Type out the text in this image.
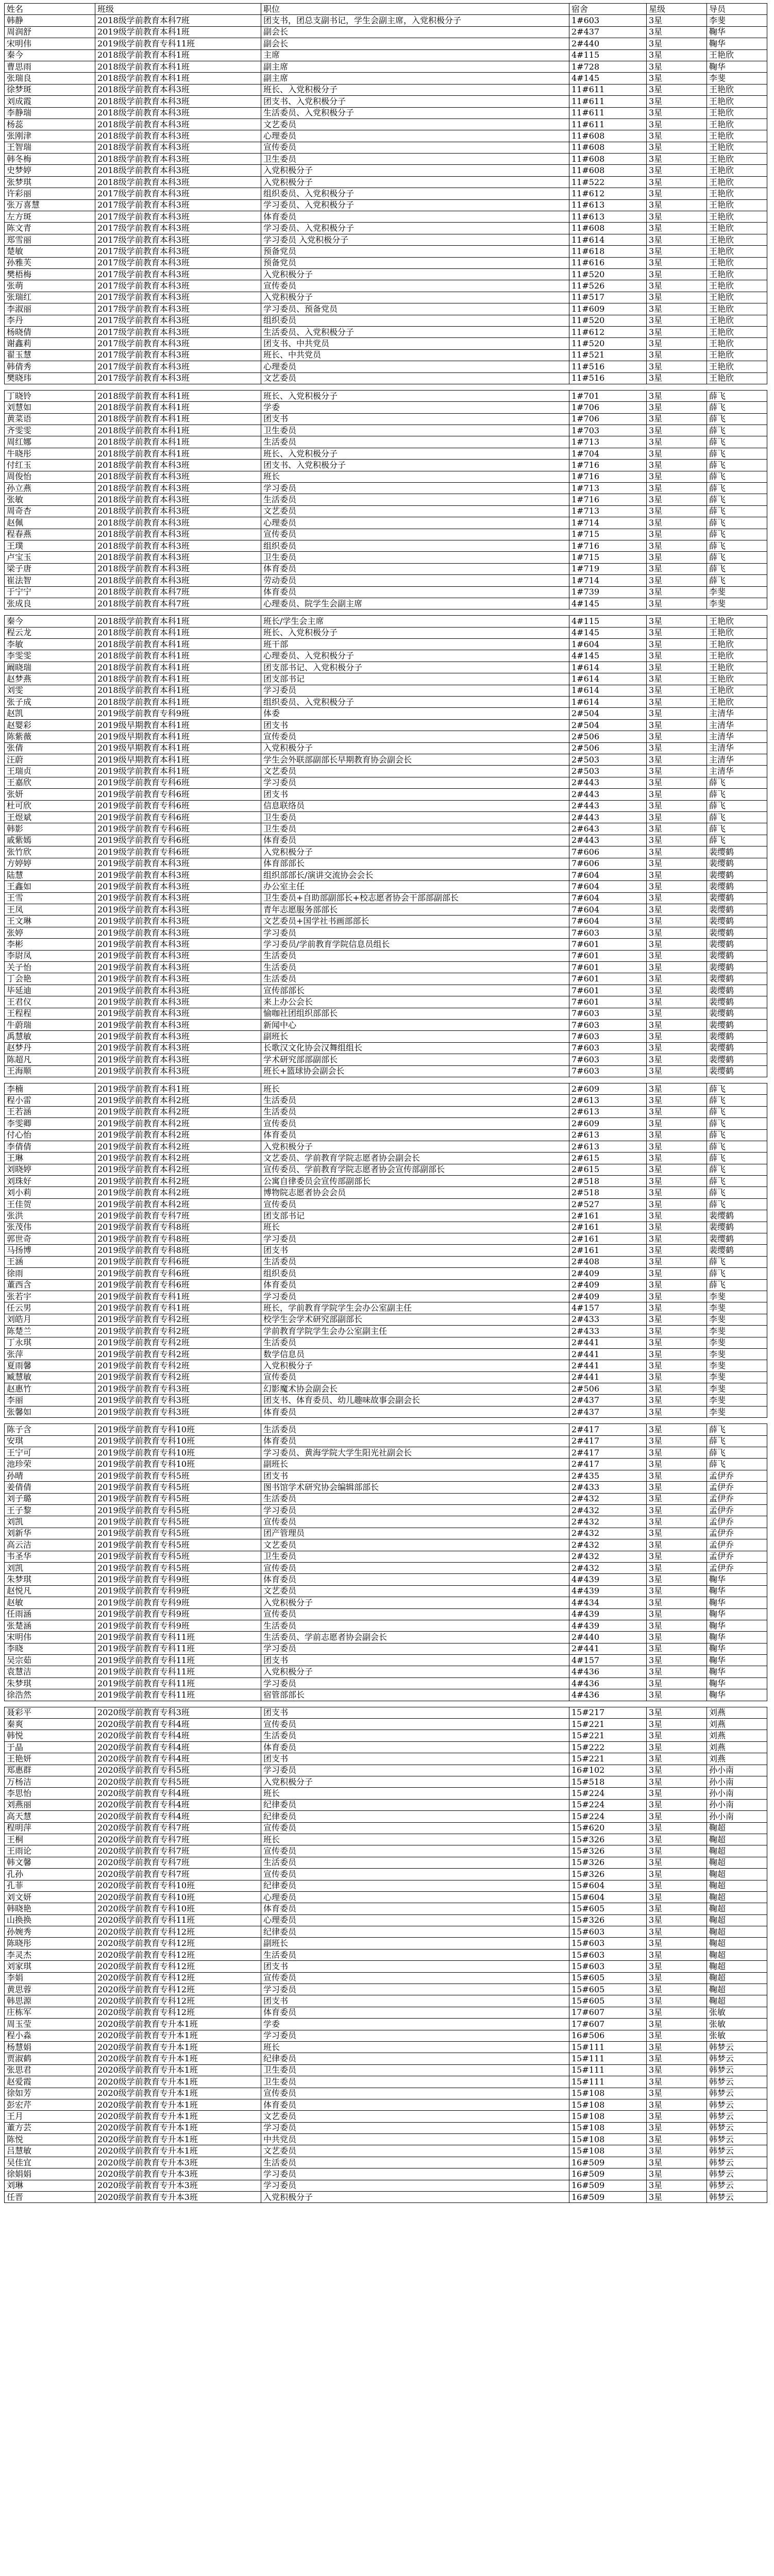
姓名	班级	职位	宿舍	星级	导员
韩静	2018级学前教育本科7班	团支书，团总支副书记，学生会副主席，入党积极分子	1#603	3星	李斐
周润舒	2019级学前教育本科1班	副会长	2#437	3星	鞠华
宋明伟	2019级学前教育专科11班	副会长	2#440	3星	鞠华
秦今	2018级学前教育本科1班	主席	4#115	3星	王艳欣
曹思雨	2018级学前教育本科1班	副主席	1#728	3星	鞠华
张瑞良	2018级学前教育本科1班	副主席	4#145	3星	李斐
徐梦斑	2018级学前教育本科3班	班长、入党积极分子	11#611	3星	王艳欣
刘成霞	2018级学前教育本科3班	团支书、入党积极分子	11#611	3星	王艳欣
李静瑞	2018级学前教育本科3班	生活委员、入党积极分子	11#611	3星	王艳欣
杨蕊	2018级学前教育本科3班	文艺委员	11#611	3星	王艳欣
张刚津	2018级学前教育本科3班	心理委员	11#608	3星	王艳欣
王智瑞	2018级学前教育本科3班	宣传委员	11#608	3星	王艳欣
韩冬梅	2018级学前教育本科3班	卫生委员	11#608	3星	王艳欣
史梦婷	2018级学前教育本科3班	入党积极分子	11#608	3星	王艳欣
张梦琪	2018级学前教育本科3班	入党积极分子	11#522	3星	王艳欣
许彩丽	2017级学前教育本科3班	组织委员、入党积极分子	11#612	3星	王艳欣
张万喜慧	2017级学前教育本科3班	学习委员、入党积极分子	11#613	3星	王艳欣
左方斑	2017级学前教育本科3班	体育委员	11#613	3星	王艳欣
陈文青	2017级学前教育本科3班	学习委员、入党积极分子	11#608	3星	王艳欣
郑雪丽	2017级学前教育本科3班	学习委员 入党积极分子	11#614	3星	王艳欣
楚敏	2017级学前教育本科3班	预备党员	11#618	3星	王艳欣
孙雅芙	2017级学前教育本科3班	预备党员	11#616	3星	王艳欣
樊梧梅	2017级学前教育本科3班	入党积极分子	11#520	3星	王艳欣
张萌	2017级学前教育本科3班	宣传委员	11#526	3星	王艳欣
张瑞红	2017级学前教育本科3班	入党积极分子	11#517	3星	王艳欣
李淑丽	2017级学前教育本科3班	学习委员、预备党员	11#609	3星	王艳欣
李丹	2017级学前教育本科3班	组织委员	11#520	3星	王艳欣
杨晓倩	2017级学前教育本科3班	生活委员、入党积极分子	11#612	3星	王艳欣
谢鑫莉	2017级学前教育本科3班	团支书、中共党员	11#520	3星	王艳欣
翟玉慧	2017级学前教育本科3班	班长、中共党员	11#521	3星	王艳欣
韩倩秀	2017级学前教育本科3班	心理委员	11#516	3星	王艳欣
樊晓玮	2017级学前教育本科3班	文艺委员	11#516	3星	王艳欣

丁晓铃	2018级学前教育本科1班	班长、入党积极分子	1#701	3星	薛飞
刘慧如	2018级学前教育本科1班	学委	1#706	3星	薛飞
黄菜语	2018级学前教育本科1班	团支书	1#706	3星	薛飞
齐雯雯	2018级学前教育本科1班	卫生委员	1#703	3星	薛飞
周红娜	2018级学前教育本科1班	生活委员	1#713	3星	薛飞
牛晓彤	2018级学前教育本科1班	班长、入党积极分子	1#704	3星	薛飞
付红玉	2018级学前教育本科3班	团支书、入党积极分子	1#716	3星	薛飞
周俊怡	2018级学前教育本科3班	班长	1#716	3星	薛飞
孙立燕	2018级学前教育本科3班	学习委员	1#713	3星	薛飞
张敏	2018级学前教育本科3班	生活委员	1#716	3星	薛飞
周奇杏	2018级学前教育本科3班	文艺委员	1#713	3星	薛飞
赵佩	2018级学前教育本科3班	心理委员	1#714	3星	薛飞
程春燕	2018级学前教育本科3班	宣传委员	1#715	3星	薛飞
王璞	2018级学前教育本科3班	组织委员	1#716	3星	薛飞
卢宝玉	2018级学前教育本科3班	卫生委员	1#715	3星	薛飞
梁子唐	2018级学前教育本科3班	体育委员	1#719	3星	薛飞
崔法智	2018级学前教育本科3班	劳动委员	1#714	3星	薛飞
于宁宁	2018级学前教育本科7班	体育委员	1#739	3星	李斐
张成良	2018级学前教育本科7班	心理委员、院学生会副主席	4#145	3星	李斐

秦今	2018级学前教育本科1班	班长/学生会主席	4#115	3星	王艳欣
程云龙	2018级学前教育本科1班	班长、入党积极分子	4#145	3星	王艳欣
李敏	2018级学前教育本科1班	班干部	1#604	3星	王艳欣
李雯雯	2018级学前教育本科1班	心理委员、入党积极分子	4#145	3星	王艳欣
阚晓瑞	2018级学前教育本科1班	团支部书记、入党积极分子	1#614	3星	王艳欣
赵梦燕	2018级学前教育本科1班	团支部书记	1#614	3星	王艳欣
刘雯	2018级学前教育本科1班	学习委员	1#614	3星	王艳欣
张子成	2018级学前教育本科1班	组织委员、入党积极分子	1#614	3星	王艳欣
赵凯	2019级学前教育专科9班	体委	2#504	3星	主清华
赵婴彩	2019级早期教育本科1班	团支书	2#504	3星	主清华
陈紫薇	2019级早期教育本科1班	宣传委员	2#506	3星	主清华
张倩	2019级早期教育本科1班	入党积极分子	2#506	3星	主清华
汪蔚	2019级早期教育本科1班	学生会外联部副部长早期教育协会副会长	2#503	3星	主清华
王瑞贞	2019级学前教育本科1班	文艺委员	2#503	3星	主清华
王嘉欣	2019级学前教育专科6班	学习委员	2#443	3星	薛飞
张妍	2019级学前教育专科6班	团支书	2#443	3星	薛飞
杜可欣	2019级学前教育专科6班	信息联络员	2#443	3星	薛飞
王煜斌	2019级学前教育专科6班	卫生委员	2#443	3星	薛飞
韩影	2019级学前教育专科6班	卫生委员	2#643	3星	薛飞
戚紫嫣	2019级学前教育专科6班	体育委员	2#443	3星	薛飞
张竹欣	2019级学前教育专科6班	入党积极分子	7#606	3星	裴缨鹤
方婷婷	2019级学前教育本科3班	体育部部长	7#606	3星	裴缨鹤
陆慧	2019级学前教育本科3班	组织部部长/演讲交流协会会长	7#604	3星	裴缨鹤
王鑫如	2019级学前教育本科3班	办公室主任	7#604	3星	裴缨鹤
王雪	2019级学前教育本科3班	卫生委员+自助部副部长+校志愿者协会干部部副部长	7#604	3星	裴缨鹤
王凤	2019级学前教育本科3班	青年志愿服务部部长	7#604	3星	裴缨鹤
王文琳	2019级学前教育本科3班	文艺委员+国学社书画部部长	7#604	3星	裴缨鹤
张婷	2019级学前教育本科3班	学习委员	7#603	3星	裴缨鹤
李彬	2019级学前教育本科3班	学习委员/学前教育学院信息员组长	7#601	3星	裴缨鹤
李尉凤	2019级学前教育本科3班	生活委员	7#601	3星	裴缨鹤
关子怡	2019级学前教育本科3班	生活委员	7#601	3星	裴缨鹤
丁会艳	2019级学前教育本科3班	生活委员	7#601	3星	裴缨鹤
毕延迪	2019级学前教育本科3班	宣传部部长	7#601	3星	裴缨鹤
王君仪	2019级学前教育本科3班	来上办公会长	7#601	3星	裴缨鹤
王程程	2019级学前教育本科3班	愉咖社团组织部部长	7#603	3星	裴缨鹤
牛蔚瑞	2019级学前教育本科3班	新闻中心	7#603	3星	裴缨鹤
禹慧敏	2019级学前教育本科3班	副班长	7#603	3星	裴缨鹤
赵梦丹	2019级学前教育本科3班	长歌汉文化协会汉舞组组长	7#603	3星	裴缨鹤
陈超凡	2019级学前教育本科3班	学术研究部部副部长	7#603	3星	裴缨鹤
王海顺	2019级学前教育本科3班	班长+篮球协会副会长	7#603	3星	裴缨鹤

李楠	2019级学前教育本科1班	班长	2#609	3星	薛飞
程小雷	2019级学前教育本科2班	生活委员	2#613	3星	薛飞
王若涵	2019级学前教育本科2班	生活委员	2#613	3星	薛飞
李雯卿	2019级学前教育本科2班	宣传委员	2#609	3星	薛飞
付心怡	2019级学前教育本科2班	体育委员	2#613	3星	薛飞
李倩倩	2019级学前教育本科2班	入党积极分子	2#613	3星	薛飞
王琳	2019级学前教育本科2班	文艺委员、学前教育学院志愿者协会副会长	2#615	3星	薛飞
刘晓婷	2019级学前教育本科2班	宣传委员、学前教育学院志愿者协会宣传部副部长	2#615	3星	薛飞
刘珠好	2019级学前教育本科2班	公寓自律委员会宣传部副部长	2#518	3星	薛飞
刘小莉	2019级学前教育本科2班	博物院志愿者协会会员	2#518	3星	薛飞
王佳贺	2019级学前教育本科2班	宣传委员	2#527	3星	薛飞
张洪	2019级学前教育专科7班	团支部书记	2#161	3星	裴缨鹤
张茂伟	2019级学前教育专科8班	班长	2#161	3星	裴缨鹤
郭世奇	2019级学前教育专科8班	学习委员	2#161	3星	裴缨鹤
马扬博	2019级学前教育专科8班	团支书	2#161	3星	裴缨鹤
王涵	2019级学前教育专科6班	生活委员	2#408	3星	薛飞
徐雨	2019级学前教育专科6班	组织委员	2#409	3星	薛飞
董西含	2019级学前教育专科6班	体育委员	2#409	3星	薛飞
张若宇	2019级学前教育专科1班	学习委员	2#409	3星	李斐
任云男	2019级学前教育专科1班	班长，学前教育学院学生会办公室副主任	4#157	3星	李斐
刘皓月	2019级学前教育专科2班	校学生会学术研究部副部长	2#433	3星	李斐
陈楚兰	2019级学前教育专科2班	学前教育学院学生会办公室副主任	2#433	3星	李斐
丁永琪	2019级学前教育专科2班	生活委员	2#441	3星	李斐
张萍	2019级学前教育专科2班	数学信息员	2#441	3星	李斐
夏雨馨	2019级学前教育专科2班	入党积极分子	2#441	3星	李斐
臧慧敏	2019级学前教育专科2班	宣传委员	2#441	3星	李斐
赵惠竹	2019级学前教育专科3班	幻影魔术协会副会长	2#506	3星	李斐
李丽	2019级学前教育专科3班	团支书、体育委员、幼儿趣味故事会副会长	2#437	3星	李斐
张馨如	2019级学前教育专科3班	体育委员	2#437	3星	李斐

陈子含	2019级学前教育专科10班	生活委员	2#417	3星	薛飞
安琪	2019级学前教育专科10班	体育委员	2#417	3星	薛飞
王宁可	2019级学前教育专科10班	学习委员、黄海学院大学生阳光社副会长	2#417	3星	薛飞
池珍荣	2019级学前教育专科10班	副班长	2#417	3星	薛飞
孙晴	2019级学前教育专科5班	团支书	2#435	3星	孟伊乔
姜倩倩	2019级学前教育专科5班	图书馆学术研究协会编辑部部长	2#433	3星	孟伊乔
刘子璐	2019级学前教育专科5班	生活委员	2#432	3星	孟伊乔
王子黎	2019级学前教育专科5班	学习委员	2#432	3星	孟伊乔
刘凯	2019级学前教育专科5班	宣传委员	2#432	3星	孟伊乔
刘新华	2019级学前教育专科5班	团产管理员	2#432	3星	孟伊乔
高云洁	2019级学前教育专科5班	文艺委员	2#432	3星	孟伊乔
韦圣华	2019级学前教育专科5班	卫生委员	2#432	3星	孟伊乔
刘凯	2019级学前教育专科5班	宣传委员	2#432	3星	孟伊乔
朱梦琪	2019级学前教育专科9班	体育委员	4#439	3星	鞠华
赵悦凡	2019级学前教育专科9班	文艺委员	4#439	3星	鞠华
赵敏	2019级学前教育专科9班	入党积极分子	4#434	3星	鞠华
任雨涵	2019级学前教育专科9班	宣传委员	4#439	3星	鞠华
张楚涵	2019级学前教育专科9班	生活委员	4#439	3星	鞠华
宋明伟	2019级学前教育专科11班	生活委员、学前志愿者协会副会长	2#440	3星	鞠华
李晓	2019级学前教育专科11班	学习委员	2#441	3星	鞠华
吴宗茹	2019级学前教育专科11班	团支书	4#157	3星	鞠华
袁慧洁	2019级学前教育专科11班	入党积极分子	4#436	3星	鞠华
朱梦琪	2019级学前教育专科11班	学习委员	4#436	3星	鞠华
徐浩然	2019级学前教育专科11班	宿管部部长	4#436	3星	鞠华

聂彩平	2020级学前教育专科3班	团支书	15#217	3星	刘燕
秦爽	2020级学前教育专科4班	宣传委员	15#221	3星	刘燕
韩悦	2020级学前教育专科4班	生活委员	15#221	3星	刘燕
于晶	2020级学前教育专科4班	体育委员	15#222	3星	刘燕
王艳妍	2020级学前教育专科4班	团支书	15#221	3星	刘燕
郑惠群	2020级学前教育专科5班	学习委员	16#102	3星	孙小南
万杨洁	2020级学前教育专科5班	入党积极分子	15#518	3星	孙小南
李思怡	2020级学前教育专科4班	班长	15#224	3星	孙小南
刘燕丽	2020级学前教育专科4班	纪律委员	15#224	3星	孙小南
高天慧	2020级学前教育专科4班	纪律委员	15#224	3星	孙小南
程明萍	2020级学前教育专科7班	宣传委员	15#620	3星	鞠超
王桐	2020级学前教育专科7班	班长	15#326	3星	鞠超
王雨论	2020级学前教育专科7班	宣传委员	15#326	3星	鞠超
韩文馨	2020级学前教育专科7班	生活委员	15#326	3星	鞠超
孔孙	2020级学前教育专科7班	宣传委员	15#326	3星	鞠超
孔菲	2020级学前教育专科10班	纪律委员	15#604	3星	鞠超
刘文妍	2020级学前教育专科10班	心理委员	15#604	3星	鞠超
韩晓艳	2020级学前教育专科10班	体育委员	15#605	3星	鞠超
山换换	2020级学前教育专科11班	心理委员	15#326	3星	鞠超
孙婉秀	2020级学前教育专科12班	纪律委员	15#603	3星	鞠超
陈晓彤	2020级学前教育专科12班	副班长	15#603	3星	鞠超
李灵杰	2020级学前教育专科12班	生活委员	15#603	3星	鞠超
刘家琪	2020级学前教育专科12班	团支书	15#603	3星	鞠超
李娟	2020级学前教育专科12班	宣传委员	15#605	3星	鞠超
黄思蓉	2020级学前教育专科12班	学习委员	15#605	3星	鞠超
韩思源	2020级学前教育专科12班	团支书	15#605	3星	鞠超
庄栋军	2020级学前教育专科12班	体育委员	17#607	3星	张敏
周玉莹	2020级学前教育专升本1班	学委	17#607	3星	张敏
程小淼	2020级学前教育专升本1班	学习委员	16#506	3星	张敏
杨慧娟	2020级学前教育专升本1班	班长	15#111	3星	韩梦云
贾淑鹤	2020级学前教育专升本1班	纪律委员	15#111	3星	韩梦云
张思君	2020级学前教育专升本1班	卫生委员	15#111	3星	韩梦云
赵爱霞	2020级学前教育专升本1班	卫生委员	15#111	3星	韩梦云
徐如芳	2020级学前教育专升本1班	宣传委员	15#108	3星	韩梦云
彭宏芹	2020级学前教育专升本1班	体育委员	15#108	3星	韩梦云
王月	2020级学前教育专升本1班	文艺委员	15#108	3星	韩梦云
董方芸	2020级学前教育专升本1班	学习委员	15#108	3星	韩梦云
陈悦	2020级学前教育专升本1班	中共党员	15#108	3星	韩梦云
吕慧敏	2020级学前教育专升本1班	文艺委员	15#108	3星	韩梦云
吴佳宜	2020级学前教育专升本3班	生活委员	16#509	3星	韩梦云
徐娟娟	2020级学前教育专升本3班	学习委员	16#509	3星	韩梦云
刘琳	2020级学前教育专升本3班	学习委员	16#509	3星	韩梦云
任晋	2020级学前教育专升本3班	入党积极分子	16#509	3星	韩梦云
